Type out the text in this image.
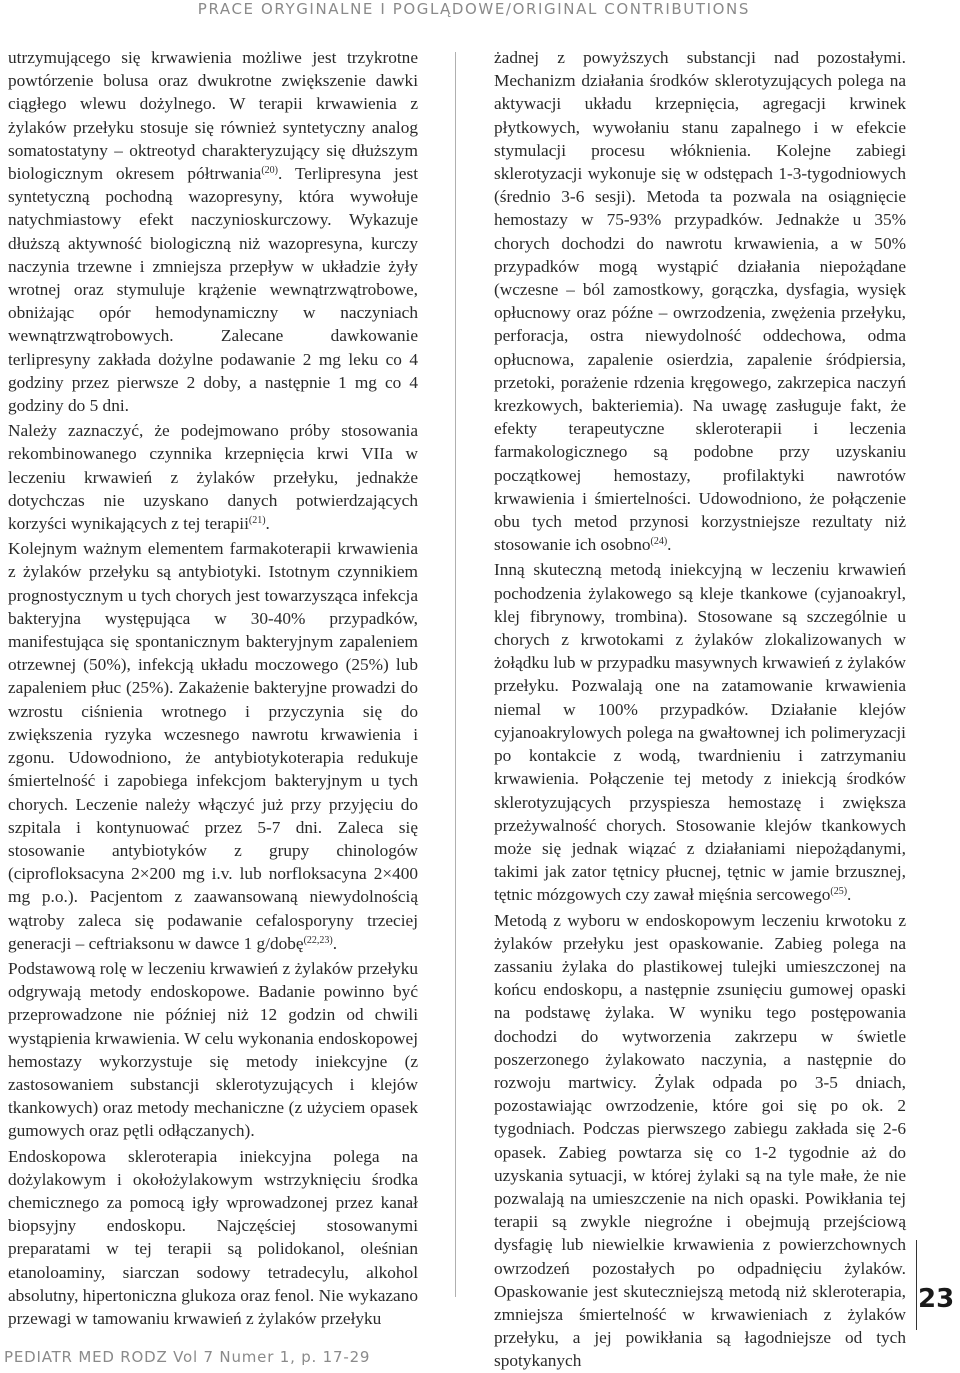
PRACE ORYGINALNE I POGLĄDOWE/ORIGINAL CONTRIBUTIONS

utrzymującego się krwawienia możliwe jest trzykrotne powtórzenie bolusa oraz dwukrotne zwiększenie dawki ciągłego wlewu dożylnego. W terapii krwawienia z żylaków przełyku stosuje się również syntetyczny analog somatostatyny – oktreotyd charakteryzujący się dłuższym biologicznym okresem półtrwania$^{(20)}$. Terlipresyna jest syntetyczną pochodną wazopresyny, która wywołuje natychmiastowy efekt naczynioskurczowy. Wykazuje dłuższą aktywność biologiczną niż wazopresyna, kurczy naczynia trzewne i zmniejsza przepływ w układzie żyły wrotnej oraz stymuluje krążenie wewnątrzwątrobowe, obniżając opór hemodynamiczny w naczyniach wewnątrzwątrobowych. Zalecane dawkowanie terlipresyny zakłada dożylne podawanie 2 mg leku co 4 godziny przez pierwsze 2 doby, a następnie 1 mg co 4 godziny do 5 dni.

Należy zaznaczyć, że podejmowano próby stosowania rekombinowanego czynnika krzepnięcia krwi VIIa w leczeniu krwawień z żylaków przełyku, jednakże dotychczas nie uzyskano danych potwierdzających korzyści wynikających z tej terapii$^{(21)}$.

Kolejnym ważnym elementem farmakoterapii krwawienia z żylaków przełyku są antybiotyki. Istotnym czynnikiem prognostycznym u tych chorych jest towarzysząca infekcja bakteryjna występująca w 30-40% przypadków, manifestująca się spontanicznym bakteryjnym zapaleniem otrzewnej (50%), infekcją układu moczowego (25%) lub zapaleniem płuc (25%). Zakażenie bakteryjne prowadzi do wzrostu ciśnienia wrotnego i przyczynia się do zwiększenia ryzyka wczesnego nawrotu krwawienia i zgonu. Udowodniono, że antybiotykoterapia redukuje śmiertelność i zapobiega infekcjom bakteryjnym u tych chorych. Leczenie należy włączyć już przy przyjęciu do szpitala i kontynuować przez 5-7 dni. Zaleca się stosowanie antybiotyków z grupy chinologów (ciprofloksacyna 2×200 mg i.v. lub norfloksacyna 2×400 mg p.o.). Pacjentom z zaawansowaną niewydolnością wątroby zaleca się podawanie cefalosporyny trzeciej generacji – ceftriaksonu w dawce 1 g/dobę$^{(22,23)}$.

Podstawową rolę w leczeniu krwawień z żylaków przełyku odgrywają metody endoskopowe. Badanie powinno być przeprowadzone nie później niż 12 godzin od chwili wystąpienia krwawienia. W celu wykonania endoskopowej hemostazy wykorzystuje się metody iniekcyjne (z zastosowaniem substancji sklerotyzujących i klejów tkankowych) oraz metody mechaniczne (z użyciem opasek gumowych oraz pętli odłączanych).

Endoskopowa skleroterapia iniekcyjna polega na dożylakowym i okołożylakowym wstrzyknięciu środka chemicznego za pomocą igły wprowadzonej przez kanał biopsyjny endoskopu. Najczęściej stosowanymi preparatami w tej terapii są polidokanol, oleśnian etanoloaminy, siarczan sodowy tetradecylu, alkohol absolutny, hipertoniczna glukoza oraz fenol. Nie wykazano przewagi w tamowaniu krwawień z żylaków przełyku

żadnej z powyższych substancji nad pozostałymi. Mechanizm działania środków sklerotyzujących polega na aktywacji układu krzepnięcia, agregacji krwinek płytkowych, wywołaniu stanu zapalnego i w efekcie stymulacji procesu włóknienia. Kolejne zabiegi sklerotyzacji wykonuje się w odstępach 1-3-tygodniowych (średnio 3-6 sesji). Metoda ta pozwala na osiągnięcie hemostazy w 75-93% przypadków. Jednakże u 35% chorych dochodzi do nawrotu krwawienia, a w 50% przypadków mogą wystąpić działania niepożądane (wczesne – ból zamostkowy, gorączka, dysfagia, wysięk opłucnowy oraz późne – owrzodzenia, zwężenia przełyku, perforacja, ostra niewydolność oddechowa, odma opłucnowa, zapalenie osierdzia, zapalenie śródpiersia, przetoki, porażenie rdzenia kręgowego, zakrzepica naczyń krezkowych, bakteriemia). Na uwagę zasługuje fakt, że efekty terapeutyczne skleroterapii i leczenia farmakologicznego są podobne przy uzyskaniu początkowej hemostazy, profilaktyki nawrotów krwawienia i śmiertelności. Udowodniono, że połączenie obu tych metod przynosi korzystniejsze rezultaty niż stosowanie ich osobno$^{(24)}$.

Inną skuteczną metodą iniekcyjną w leczeniu krwawień pochodzenia żylakowego są kleje tkankowe (cyjanoakryl, klej fibrynowy, trombina). Stosowane są szczególnie u chorych z krwotokami z żylaków zlokalizowanych w żołądku lub w przypadku masywnych krwawień z żylaków przełyku. Pozwalają one na zatamowanie krwawienia niemal w 100% przypadków. Działanie klejów cyjanoakrylowych polega na gwałtownej ich polimeryzacji po kontakcie z wodą, twardnieniu i zatrzymaniu krwawienia. Połączenie tej metody z iniekcją środków sklerotyzujących przyspiesza hemostazę i zwiększa przeżywalność chorych. Stosowanie klejów tkankowych może się jednak wiązać z działaniami niepożądanymi, takimi jak zator tętnicy płucnej, tętnic w jamie brzusznej, tętnic mózgowych czy zawał mięśnia sercowego$^{(25)}$.

Metodą z wyboru w endoskopowym leczeniu krwotoku z żylaków przełyku jest opaskowanie. Zabieg polega na zassaniu żylaka do plastikowej tulejki umieszczonej na końcu endoskopu, a następnie zsunięciu gumowej opaski na podstawę żylaka. W wyniku tego postępowania dochodzi do wytworzenia zakrzepu w świetle poszerzonego żylakowato naczynia, a następnie do rozwoju martwicy. Żylak odpada po 3-5 dniach, pozostawiając owrzodzenie, które goi się po ok. 2 tygodniach. Podczas pierwszego zabiegu zakłada się 2-6 opasek. Zabieg powtarza się co 1-2 tygodnie aż do uzyskania sytuacji, w której żylaki są na tyle małe, że nie pozwalają na umieszczenie na nich opaski. Powikłania tej terapii są zwykle niegroźne i obejmują przejściową dysfagię lub niewielkie krwawienia z powierzchownych owrzodzeń pozostałych po odpadnięciu żylaków. Opaskowanie jest skuteczniejszą metodą niż skleroterapia, zmniejsza śmiertelność w krwawieniach z żylaków przełyku, a jej powikłania są łagodniejsze od tych spotykanych

23
PEDIATR MED RODZ Vol 7 Numer 1, p. 17-29
